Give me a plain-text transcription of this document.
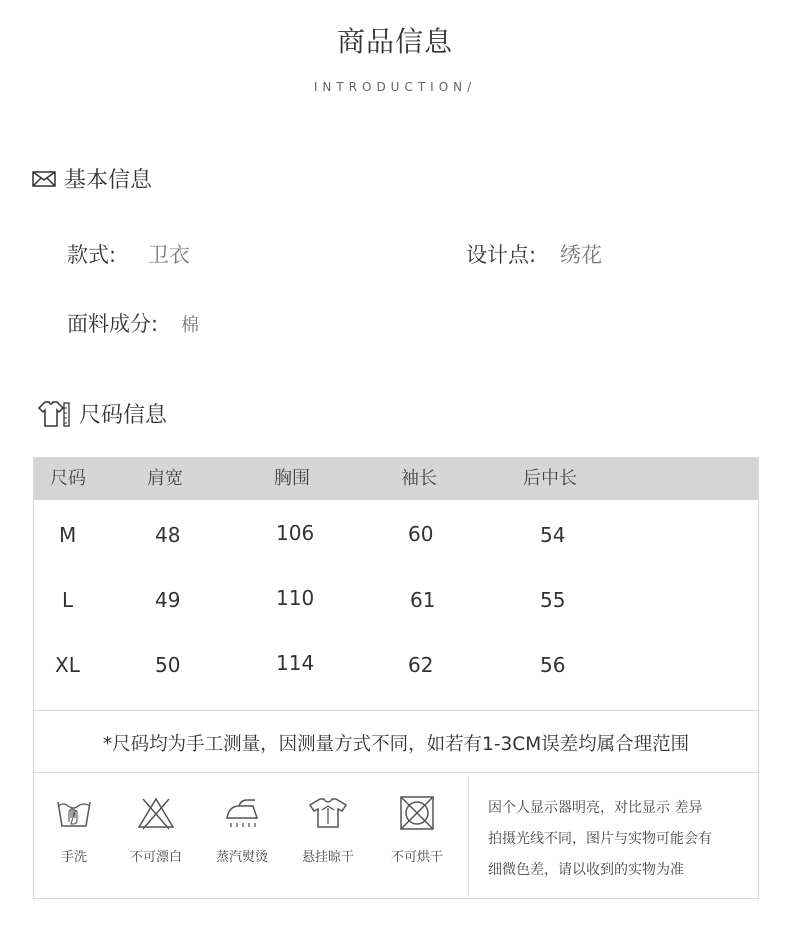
商品信息
INTRODUCTION/
基本信息
款式: 卫衣	设计点: 绣花
面料成分: 棉
尺码信息
尺码	肩宽	胸围	袖长	后中长
M	48	106	60	54
L	49	110	61	55
XL	50	114	62	56
*尺码均为手工测量，因测量方式不同，如若有1-3CM误差均属合理范围
手洗	不可漂白	蒸汽熨烫	悬挂晾干	不可烘干
因个人显示器明亮，对比显示 差异
拍摄光线不同，图片与实物可能会有
细微色差，请以收到的实物为准
